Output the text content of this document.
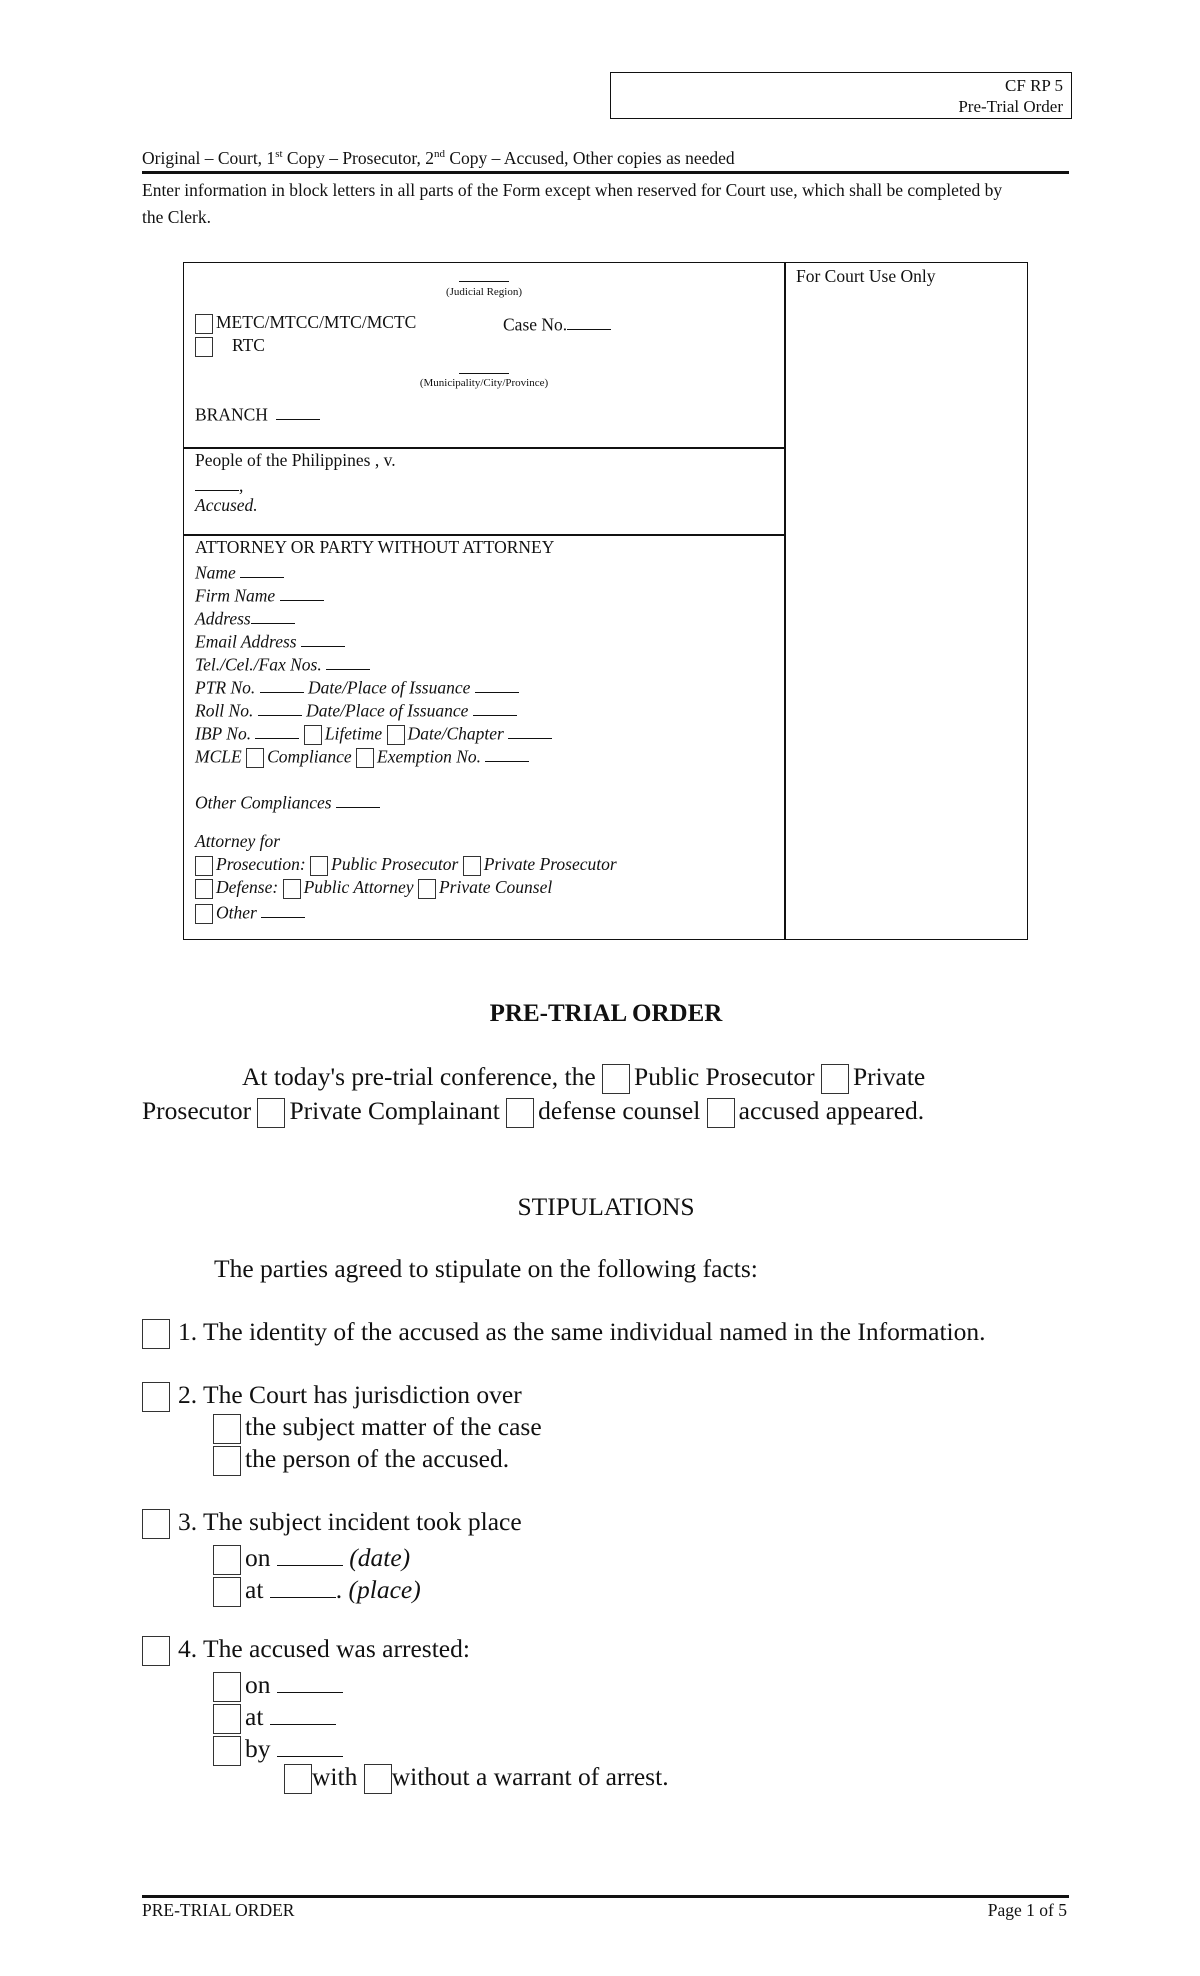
CF RP 5
Pre-Trial Order
Original – Court, 1st Copy – Prosecutor, 2nd Copy – Accused, Other copies as needed
Enter information in block letters in all parts of the Form except when reserved for Court use, which shall be completed by the Clerk.
For Court Use Only
(Judicial Region)
METC/MTCC/MTC/MCTC	Case No.
RTC
(Municipality/City/Province)
BRANCH
People of the Philippines , v.
,
Accused.
ATTORNEY OR PARTY WITHOUT ATTORNEY
Name
Firm Name
Address
Email Address
Tel./Cel./Fax Nos.
PTR No.	Date/Place of Issuance
Roll No.	Date/Place of Issuance
IBP No.	Lifetime Date/Chapter
MCLE Compliance Exemption No.
Other Compliances
Attorney for
Prosecution: Public Prosecutor Private Prosecutor
Defense: Public Attorney Private Counsel
Other
PRE-TRIAL ORDER
At today's pre-trial conference, the Public Prosecutor Private
Prosecutor Private Complainant defense counsel accused appeared.
STIPULATIONS
The parties agreed to stipulate on the following facts:
1. The identity of the accused as the same individual named in the Information.
2. The Court has jurisdiction over
the subject matter of the case
the person of the accused.
3. The subject incident took place
on	(date)
at	. (place)
4. The accused was arrested:
on
at
by
with without a warrant of arrest.
PRE-TRIAL ORDER	Page 1 of 5
